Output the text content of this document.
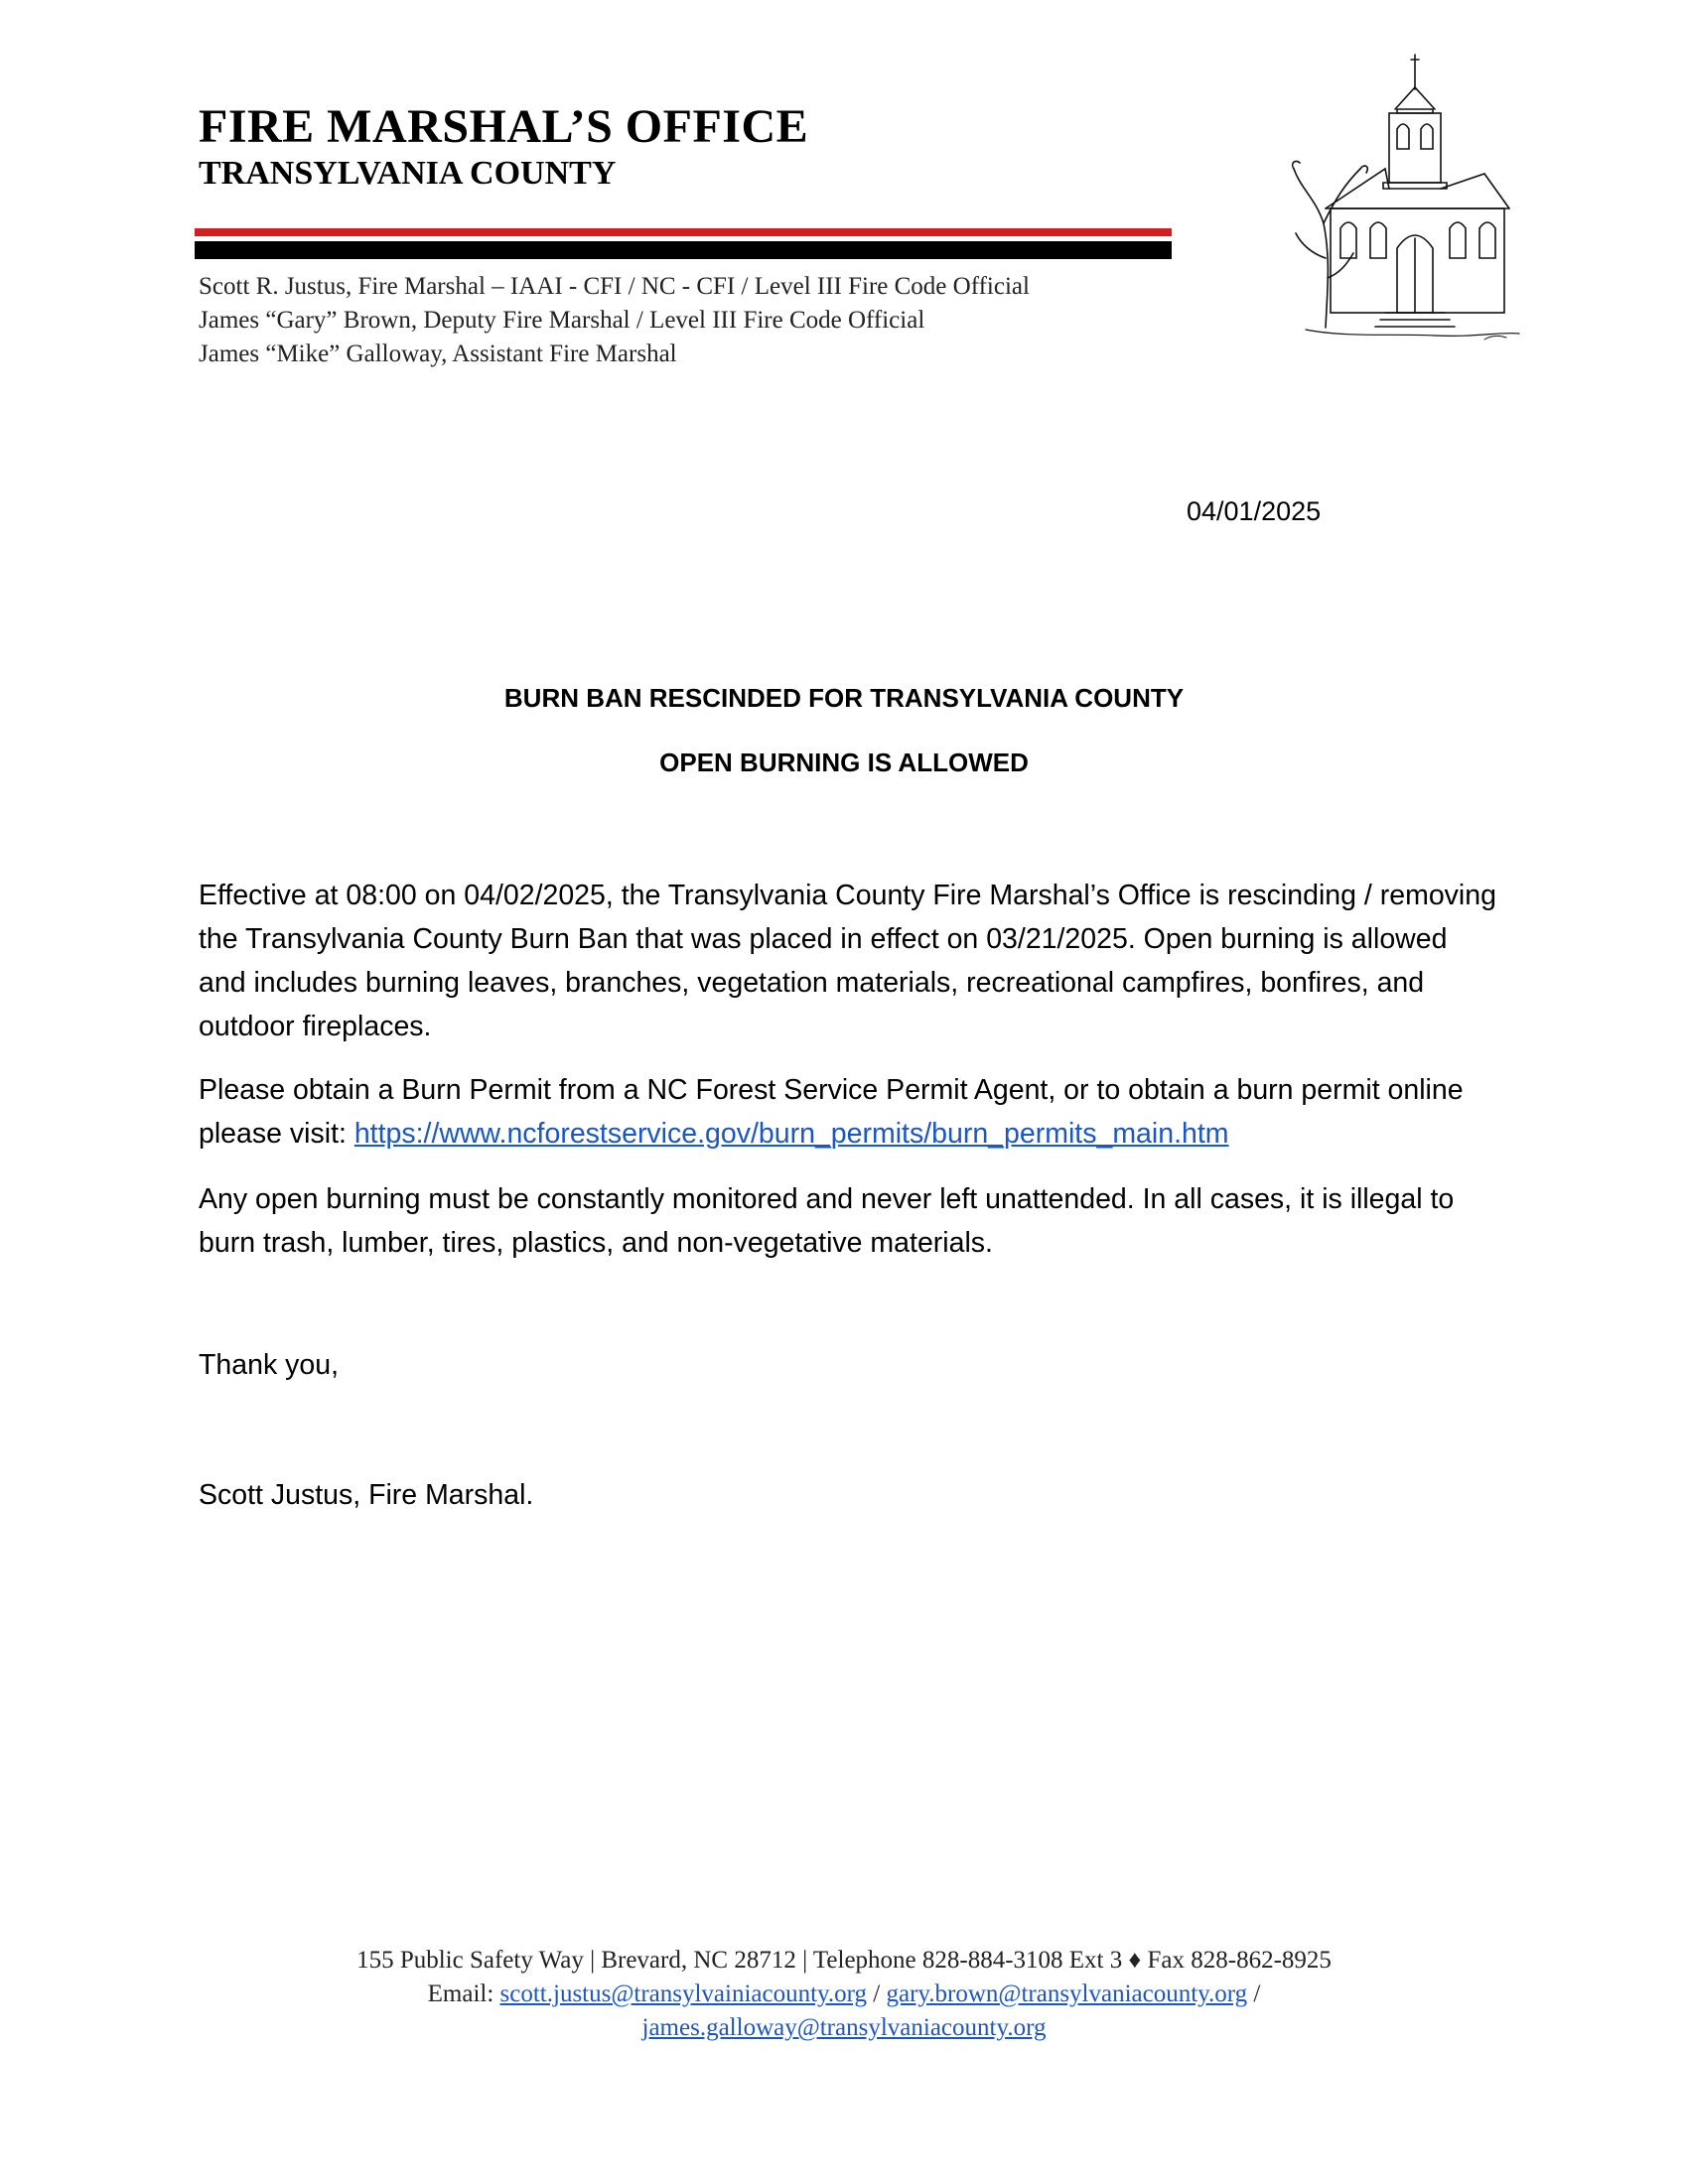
FIRE MARSHAL’S OFFICE
TRANSYLVANIA COUNTY
Scott R. Justus, Fire Marshal – IAAI - CFI / NC - CFI / Level III Fire Code Official
James “Gary” Brown, Deputy Fire Marshal / Level III Fire Code Official
James “Mike” Galloway, Assistant Fire Marshal
04/01/2025
BURN BAN RESCINDED FOR TRANSYLVANIA COUNTY
OPEN BURNING IS ALLOWED
Effective at 08:00 on 04/02/2025, the Transylvania County Fire Marshal’s Office is rescinding / removing the Transylvania County Burn Ban that was placed in effect on 03/21/2025. Open burning is allowed and includes burning leaves, branches, vegetation materials, recreational campfires, bonfires, and outdoor fireplaces.
Please obtain a Burn Permit from a NC Forest Service Permit Agent, or to obtain a burn permit online please visit: https://www.ncforestservice.gov/burn_permits/burn_permits_main.htm
Any open burning must be constantly monitored and never left unattended. In all cases, it is illegal to burn trash, lumber, tires, plastics, and non-vegetative materials.
Thank you,
Scott Justus, Fire Marshal.
155 Public Safety Way | Brevard, NC 28712 | Telephone 828-884-3108 Ext 3 ♦ Fax 828-862-8925
Email: scott.justus@transylvainiacounty.org / gary.brown@transylvaniacounty.org /
james.galloway@transylvaniacounty.org
